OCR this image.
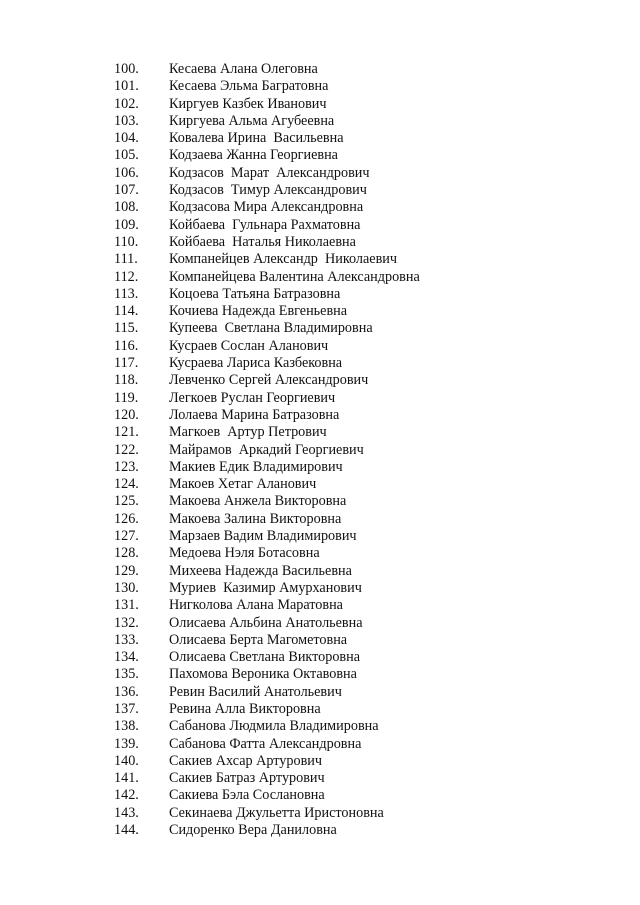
100.	Кесаева Алана Олеговна
101.	Кесаева Эльма Багратовна
102.	Киргуев Казбек Иванович
103.	Киргуева Альма Агубеевна
104.	Ковалева Ирина  Васильевна
105.	Кодзаева Жанна Георгиевна
106.	Кодзасов  Марат  Александрович
107.	Кодзасов  Тимур Александрович
108.	Кодзасова Мира Александровна
109.	Койбаева  Гульнара Рахматовна
110.	Койбаева  Наталья Николаевна
111.	Компанейцев Александр  Николаевич
112.	Компанейцева Валентина Александровна
113.	Коцоева Татьяна Батразовна
114.	Кочиева Надежда Евгеньевна
115.	Купеева  Светлана Владимировна
116.	Кусраев Сослан Аланович
117.	Кусраева Лариса Казбековна
118.	Левченко Сергей Александрович
119.	Легкоев Руслан Георгиевич
120.	Лолаева Марина Батразовна
121.	Магкоев  Артур Петрович
122.	Майрамов  Аркадий Георгиевич
123.	Макиев Едик Владимирович
124.	Макоев Хетаг Аланович
125.	Макоева Анжела Викторовна
126.	Макоева Залина Викторовна
127.	Марзаев Вадим Владимирович
128.	Медоева Нэля Ботасовна
129.	Михеева Надежда Васильевна
130.	Муриев  Казимир Амурханович
131.	Нигколова Алана Маратовна
132.	Олисаева Альбина Анатольевна
133.	Олисаева Берта Магометовна
134.	Олисаева Светлана Викторовна
135.	Пахомова Вероника Октавовна
136.	Ревин Василий Анатольевич
137.	Ревина Алла Викторовна
138.	Сабанова Людмила Владимировна
139.	Сабанова Фатта Александровна
140.	Сакиев Ахсар Артурович
141.	Сакиев Батраз Артурович
142.	Сакиева Бэла Сослановна
143.	Секинаева Джульетта Иристоновна
144.	Сидоренко Вера Даниловна
